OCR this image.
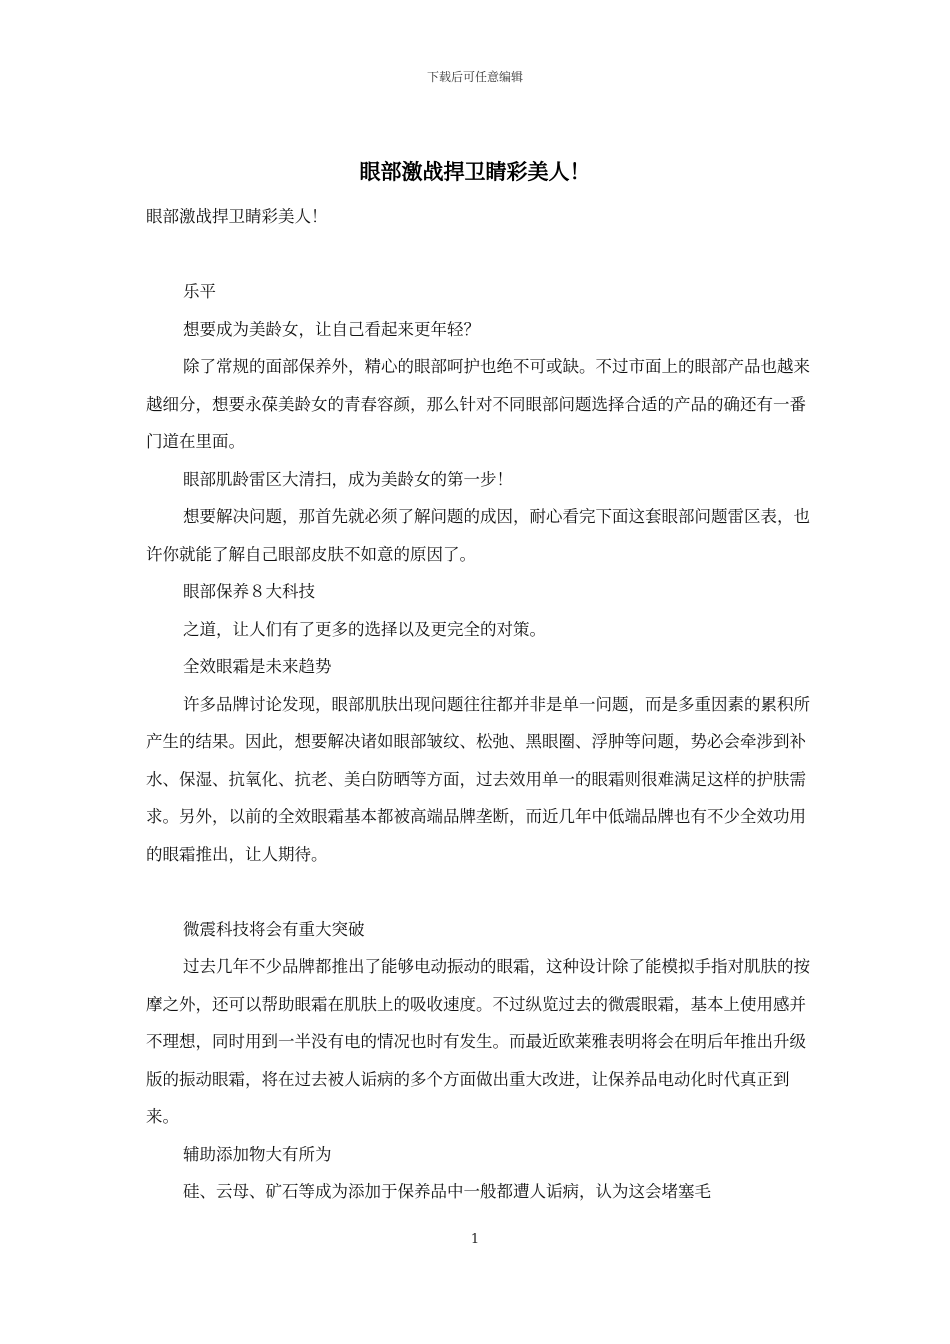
下载后可任意编辑
眼部激战捍卫睛彩美人！

眼部激战捍卫睛彩美人！

乐平

想要成为美龄女，让自己看起来更年轻？

除了常规的面部保养外，精心的眼部呵护也绝不可或缺。不过市面上的眼部产品也越来越细分，想要永葆美龄女的青春容颜，那么针对不同眼部问题选择合适的产品的确还有一番门道在里面。

眼部肌龄雷区大清扫，成为美龄女的第一步！

想要解决问题，那首先就必须了解问题的成因，耐心看完下面这套眼部问题雷区表，也许你就能了解自己眼部皮肤不如意的原因了。

眼部保养８大科技

之道，让人们有了更多的选择以及更完全的对策。

全效眼霜是未来趋势

许多品牌讨论发现，眼部肌肤出现问题往往都并非是单一问题，而是多重因素的累积所产生的结果。因此，想要解决诸如眼部皱纹、松弛、黑眼圈、浮肿等问题，势必会牵涉到补水、保湿、抗氧化、抗老、美白防晒等方面，过去效用单一的眼霜则很难满足这样的护肤需求。另外，以前的全效眼霜基本都被高端品牌垄断，而近几年中低端品牌也有不少全效功用的眼霜推出，让人期待。

微震科技将会有重大突破

过去几年不少品牌都推出了能够电动振动的眼霜，这种设计除了能模拟手指对肌肤的按摩之外，还可以帮助眼霜在肌肤上的吸收速度。不过纵览过去的微震眼霜，基本上使用感并不理想，同时用到一半没有电的情况也时有发生。而最近欧莱雅表明将会在明后年推出升级版的振动眼霜，将在过去被人诟病的多个方面做出重大改进，让保养品电动化时代真正到来。

辅助添加物大有所为

硅、云母、矿石等成为添加于保养品中一般都遭人诟病，认为这会堵塞毛

1
